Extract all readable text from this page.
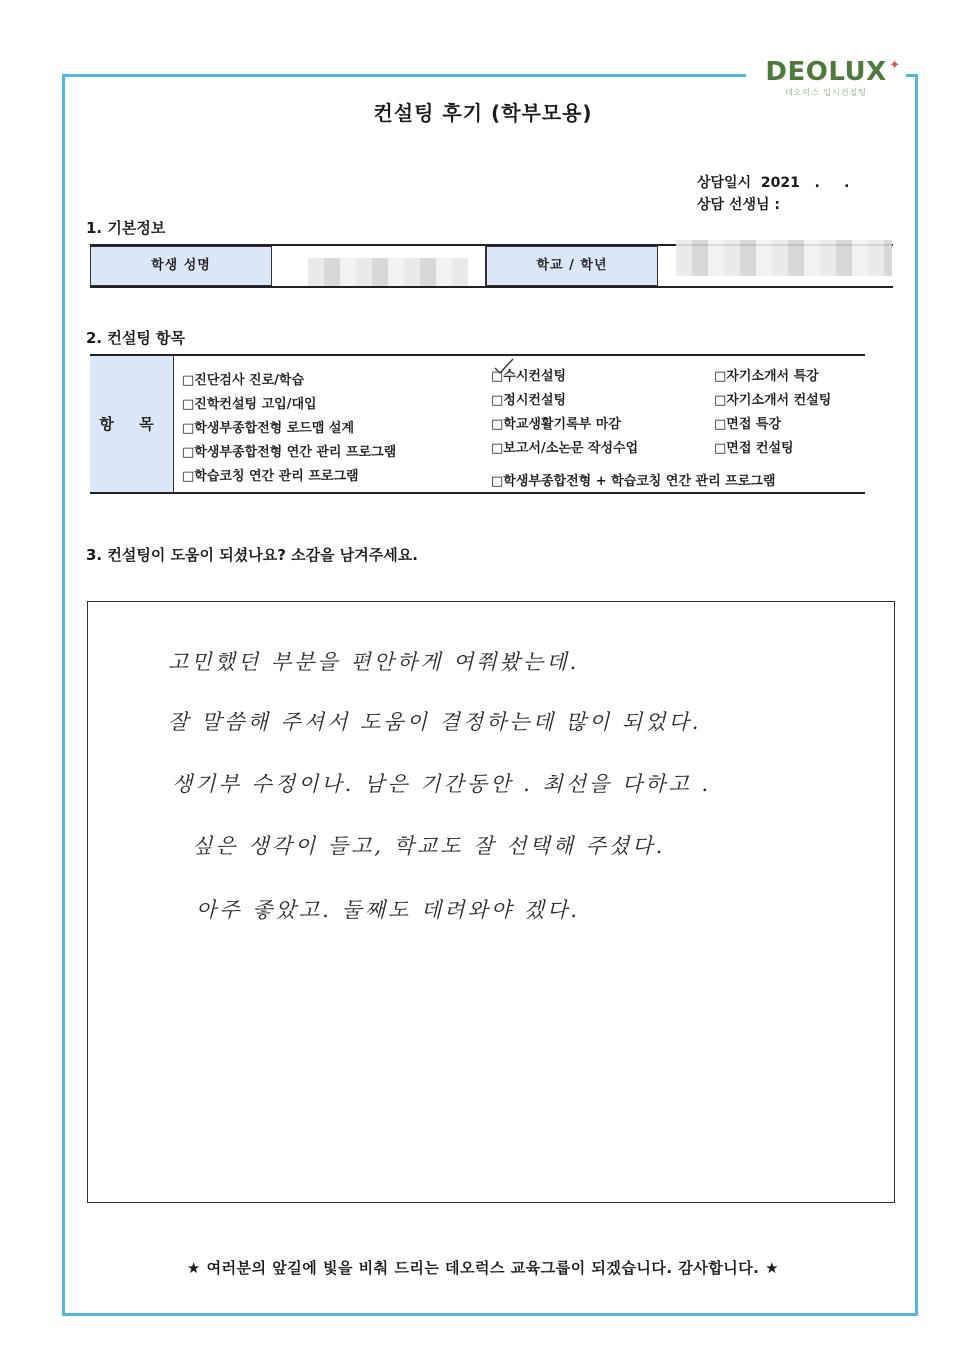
DEOLUX ✦
데오럭스 입시컨설팅
컨설팅 후기 (학부모용)
상담일시 2021   .     .
상담 선생님 :
1. 기본정보
학생 성명	학교 / 학년
2. 컨설팅 항목
항 목
□진단검사 진로/학습
□진학컨설팅 고입/대입
□학생부종합전형 로드맵 설계
□학생부종합전형 연간 관리 프로그램
□학습코칭 연간 관리 프로그램
□수시컨설팅
□정시컨설팅
□학교생활기록부 마감
□보고서/소논문 작성수업
□자기소개서 특강
□자기소개서 컨설팅
□면접 특강
□면접 컨설팅
□학생부종합전형 + 학습코칭 연간 관리 프로그램
3. 컨설팅이 도움이 되셨나요? 소감을 남겨주세요.
고민했던 부분을 편안하게 여쭤봤는데.
잘 말씀해 주셔서 도움이 결정하는데 많이 되었다.
생기부 수정이나. 남은 기간동안 . 최선을 다하고 .
싶은 생각이 들고, 학교도 잘 선택해 주셨다.
아주 좋았고. 둘째도 데려와야 겠다.
★ 여러분의 앞길에 빛을 비춰 드리는 데오럭스 교육그룹이 되겠습니다. 감사합니다. ★
